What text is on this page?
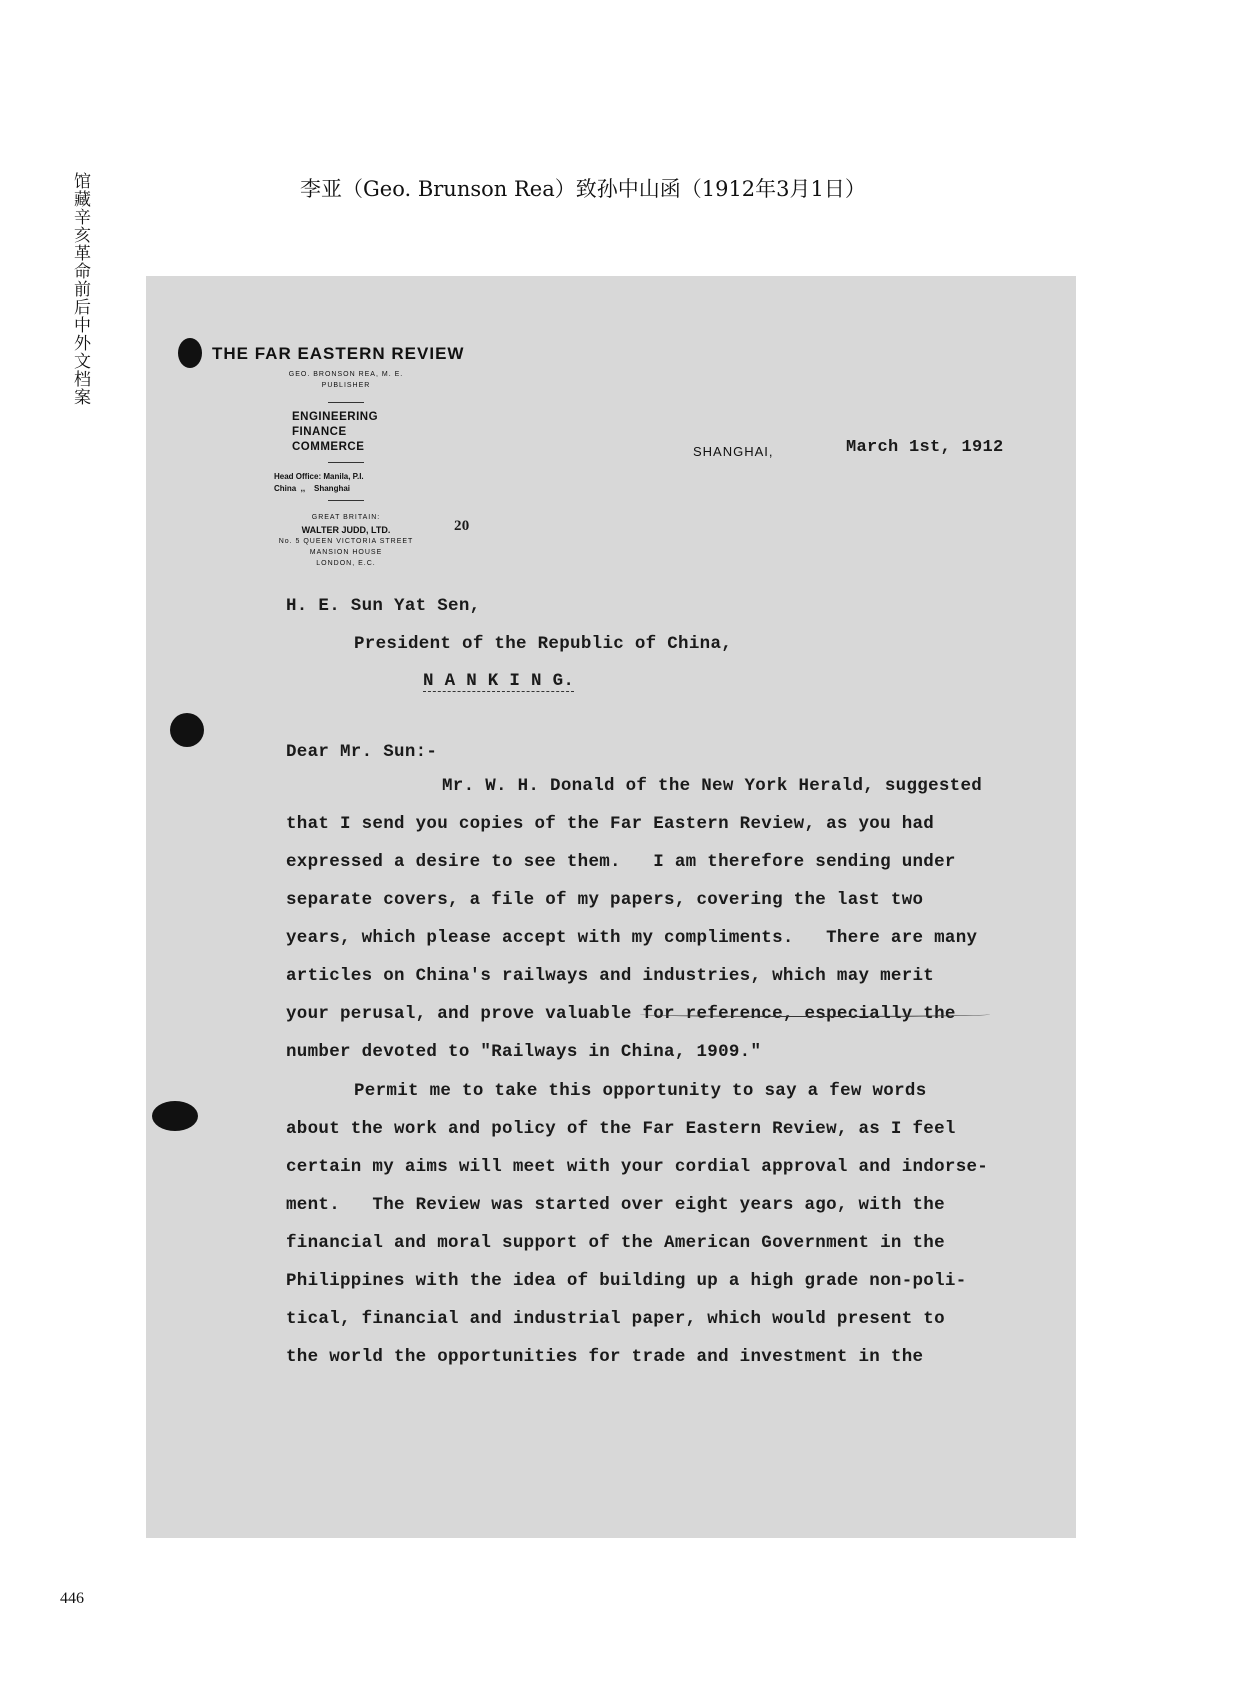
馆藏辛亥革命前后中外文档案	李亚（Geo. Brunson Rea）致孙中山函（1912年3月1日）
446
THE FAR EASTERN REVIEW
GEO. BRONSON REA, M. E.
PUBLISHER
ENGINEERING
FINANCE
COMMERCE
Head Office: Manila, P.I.
China  ,,    Shanghai
GREAT BRITAIN:
WALTER JUDD, LTD.
No. 5 QUEEN VICTORIA STREET
MANSION HOUSE
LONDON, E.C.
20
SHANGHAI,	March 1st, 1912
H. E. Sun Yat Sen,
President of the Republic of China,
N A N K I N G.
Dear Mr. Sun:-
Mr. W. H. Donald of the New York Herald, suggested
that I send you copies of the Far Eastern Review, as you had
expressed a desire to see them.   I am therefore sending under
separate covers, a file of my papers, covering the last two
years, which please accept with my compliments.   There are many
articles on China's railways and industries, which may merit
your perusal, and prove valuable for reference, especially the
number devoted to "Railways in China, 1909."
Permit me to take this opportunity to say a few words
about the work and policy of the Far Eastern Review, as I feel
certain my aims will meet with your cordial approval and indorse-
ment.   The Review was started over eight years ago, with the
financial and moral support of the American Government in the
Philippines with the idea of building up a high grade non-poli-
tical, financial and industrial paper, which would present to
the world the opportunities for trade and investment in the
